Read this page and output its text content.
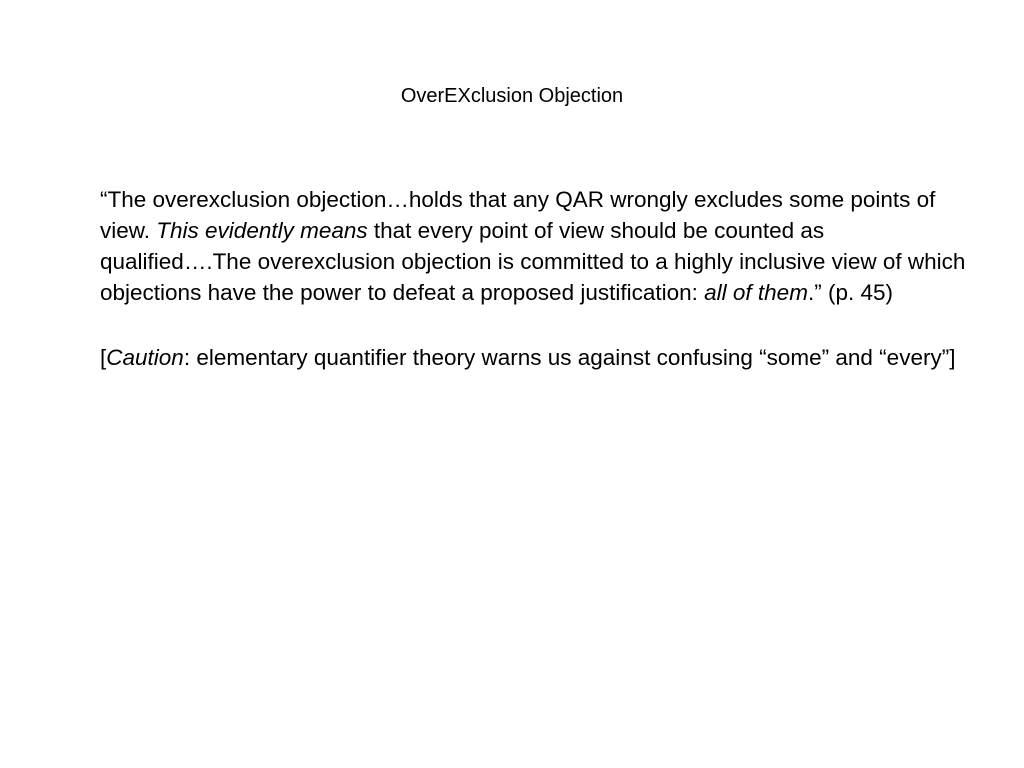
OverEXclusion Objection

“The overexclusion objection…holds that any QAR wrongly excludes some points of view. This evidently means that every point of view should be counted as qualified….The overexclusion objection is committed to a highly inclusive view of which objections have the power to defeat a proposed justification: all of them.” (p. 45)

[Caution: elementary quantifier theory warns us against confusing “some” and “every”]
